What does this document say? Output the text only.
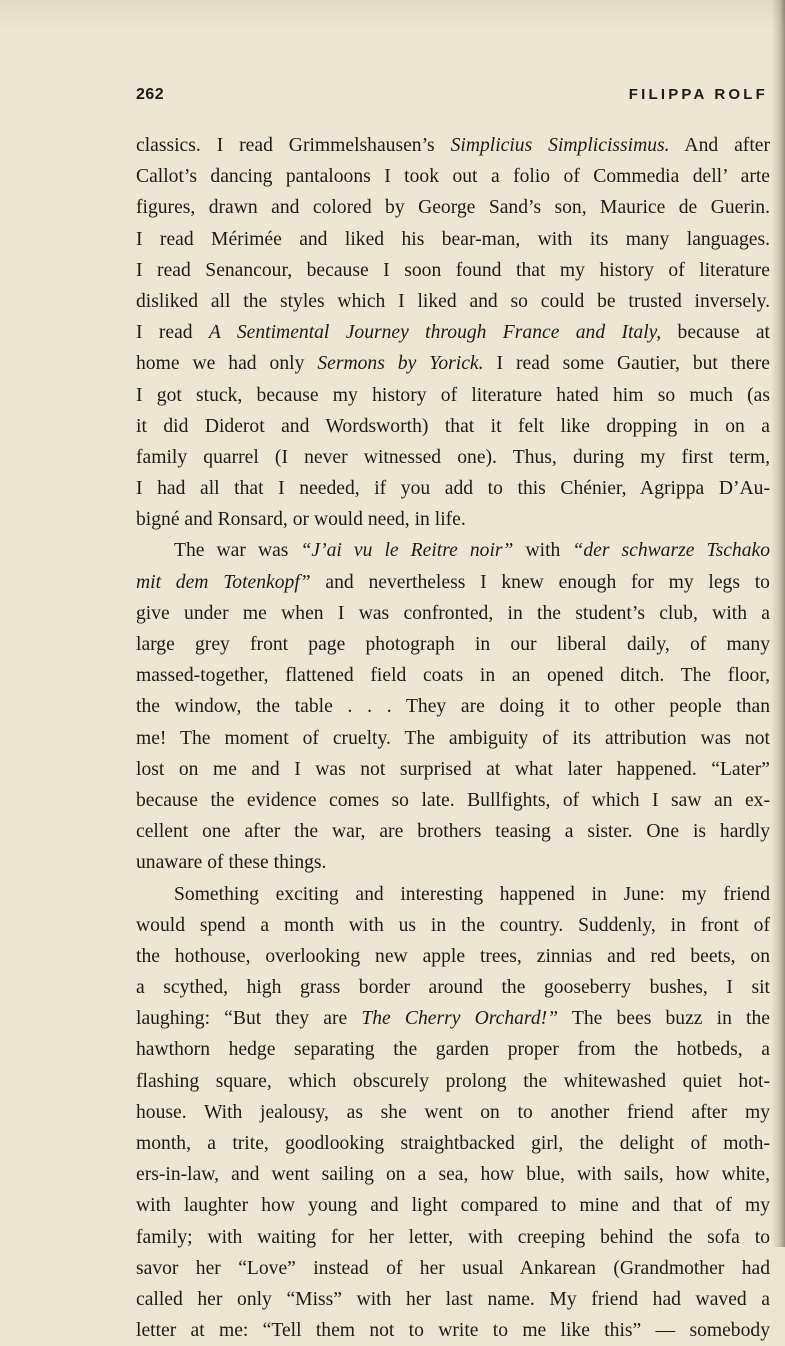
262	FILIPPA ROLF
classics. I read Grimmelshausen’s Simplicius Simplicissimus. And after
Callot’s dancing pantaloons I took out a folio of Commedia dell’ arte
figures, drawn and colored by George Sand’s son, Maurice de Guerin.
I read Mérimée and liked his bear-man, with its many languages.
I read Senancour, because I soon found that my history of literature
disliked all the styles which I liked and so could be trusted inversely.
I read A Sentimental Journey through France and Italy, because at
home we had only Sermons by Yorick. I read some Gautier, but there
I got stuck, because my history of literature hated him so much (as
it did Diderot and Wordsworth) that it felt like dropping in on a
family quarrel (I never witnessed one). Thus, during my first term,
I had all that I needed, if you add to this Chénier, Agrippa D’Au-
bigné and Ronsard, or would need, in life.
The war was “J’ai vu le Reitre noir” with “der schwarze Tschako
mit dem Totenkopf” and nevertheless I knew enough for my legs to
give under me when I was confronted, in the student’s club, with a
large grey front page photograph in our liberal daily, of many
massed-together, flattened field coats in an opened ditch. The floor,
the window, the table . . . They are doing it to other people than
me! The moment of cruelty. The ambiguity of its attribution was not
lost on me and I was not surprised at what later happened. “Later”
because the evidence comes so late. Bullfights, of which I saw an ex-
cellent one after the war, are brothers teasing a sister. One is hardly
unaware of these things.
Something exciting and interesting happened in June: my friend
would spend a month with us in the country. Suddenly, in front of
the hothouse, overlooking new apple trees, zinnias and red beets, on
a scythed, high grass border around the gooseberry bushes, I sit
laughing: “But they are The Cherry Orchard!” The bees buzz in the
hawthorn hedge separating the garden proper from the hotbeds, a
flashing square, which obscurely prolong the whitewashed quiet hot-
house. With jealousy, as she went on to another friend after my
month, a trite, goodlooking straightbacked girl, the delight of moth-
ers-in-law, and went sailing on a sea, how blue, with sails, how white,
with laughter how young and light compared to mine and that of my
family; with waiting for her letter, with creeping behind the sofa to
savor her “Love” instead of her usual Ankarean (Grandmother had
called her only “Miss” with her last name. My friend had waved a
letter at me: “Tell them not to write to me like this” — somebody
